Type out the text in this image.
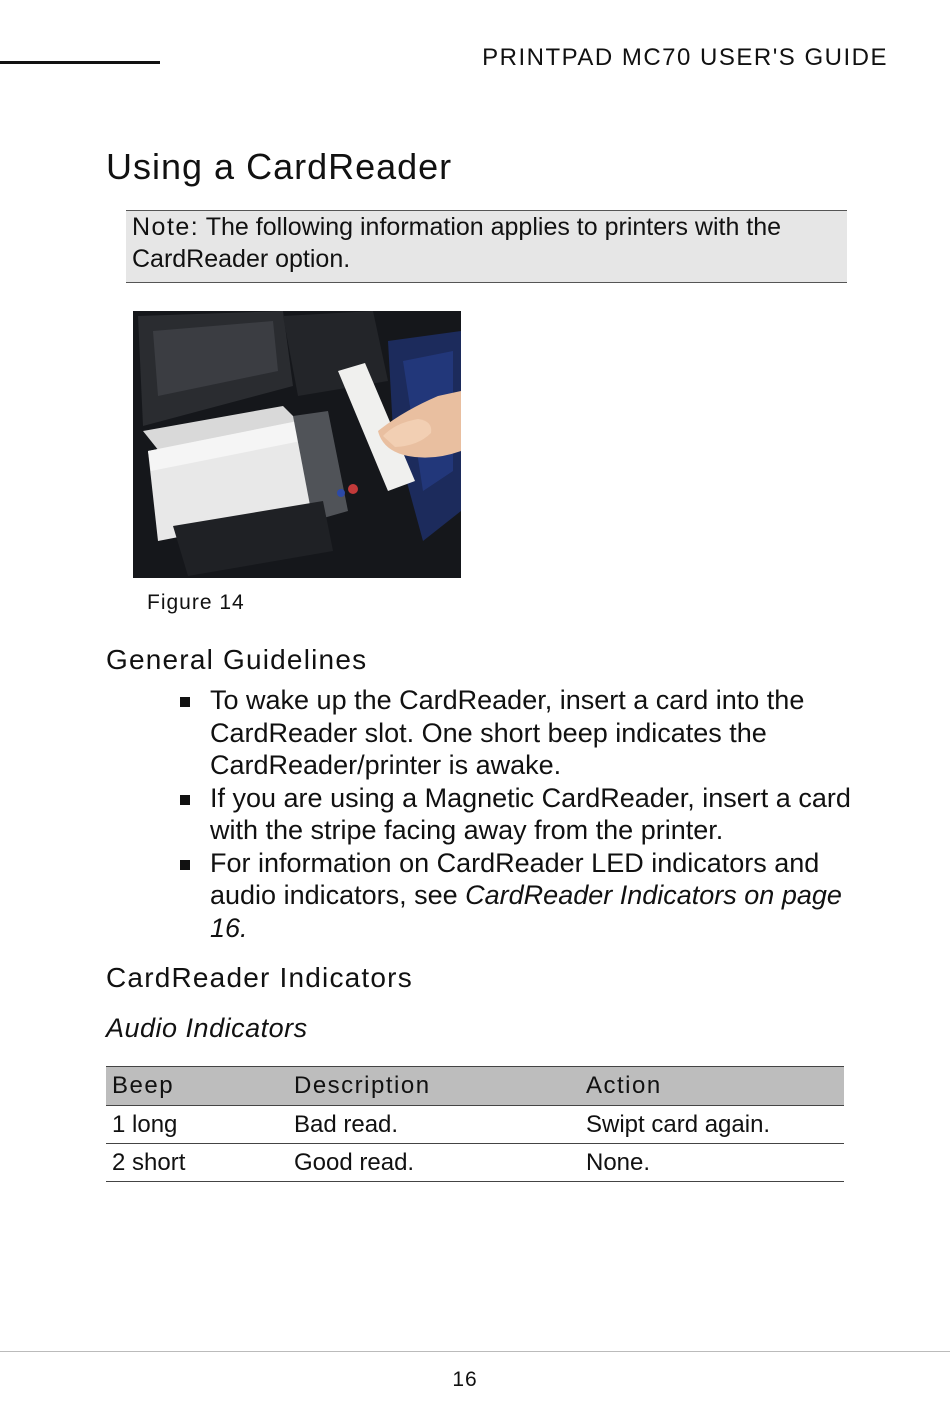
PRINTPAD MC70 USER'S GUIDE
Using a CardReader
Note: The following information applies to printers with the CardReader option.
Figure 14
General Guidelines
To wake up the CardReader, insert a card into the CardReader slot. One short beep indicates the CardReader/printer is awake.
If you are using a Magnetic CardReader, insert a card with the stripe facing away from the printer.
For information on CardReader LED indicators and audio indicators, see CardReader Indicators on page 16.
CardReader Indicators
Audio Indicators
Beep	Description	Action
1 long	Bad read.	Swipt card again.
2 short	Good read.	None.
16
